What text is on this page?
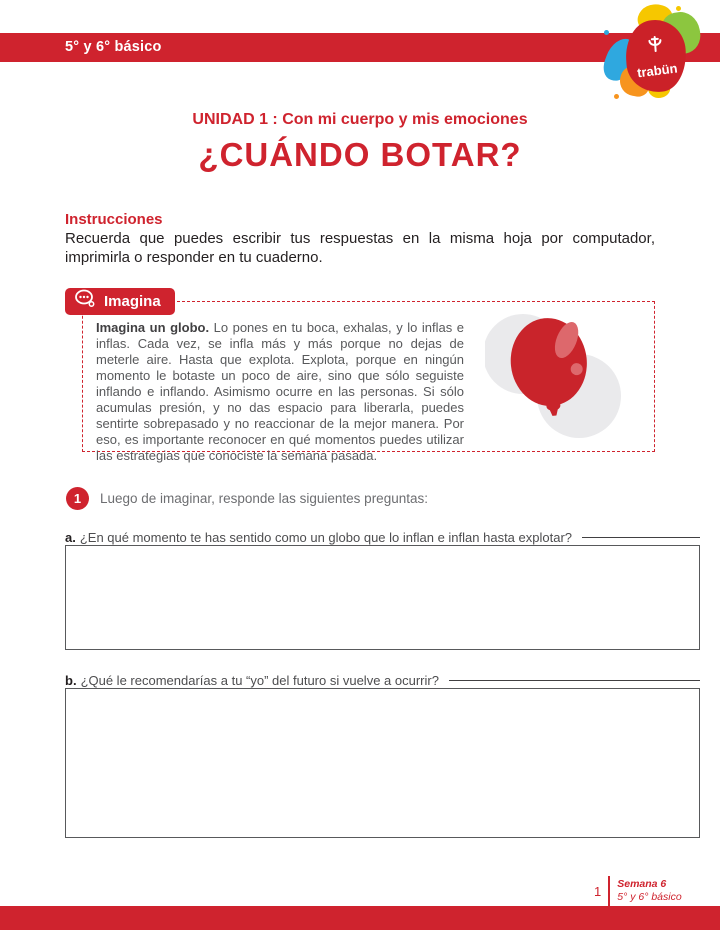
5° y 6° básico
trabün
UNIDAD 1 : Con mi cuerpo y mis emociones
¿CUÁNDO BOTAR?
Instrucciones

Recuerda que puedes escribir tus respuestas en la misma hoja por computador, imprimirla o responder en tu cuaderno.

Imagina un globo. Lo pones en tu boca, exhalas, y lo inflas e inflas. Cada vez, se infla más y más porque no dejas de meterle aire. Hasta que explota. Explota, porque en ningún momento le botaste un poco de aire, sino que sólo seguiste inflando e inflando. Asimismo ocurre en las personas. Si sólo acumulas presión, y no das espacio para liberarla, puedes sentirte sobrepasado y no reaccionar de la mejor manera. Por eso, es importante reconocer en qué momentos puedes utilizar las estrategias que conociste la semana pasada.

Imagina
1	Luego de imaginar, responde las siguientes preguntas:
a. ¿En qué momento te has sentido como un globo que lo inflan e inflan hasta explotar?
b. ¿Qué le recomendarías a tu “yo” del futuro si vuelve a ocurrir?
1 Semana 6
5° y 6° básico
